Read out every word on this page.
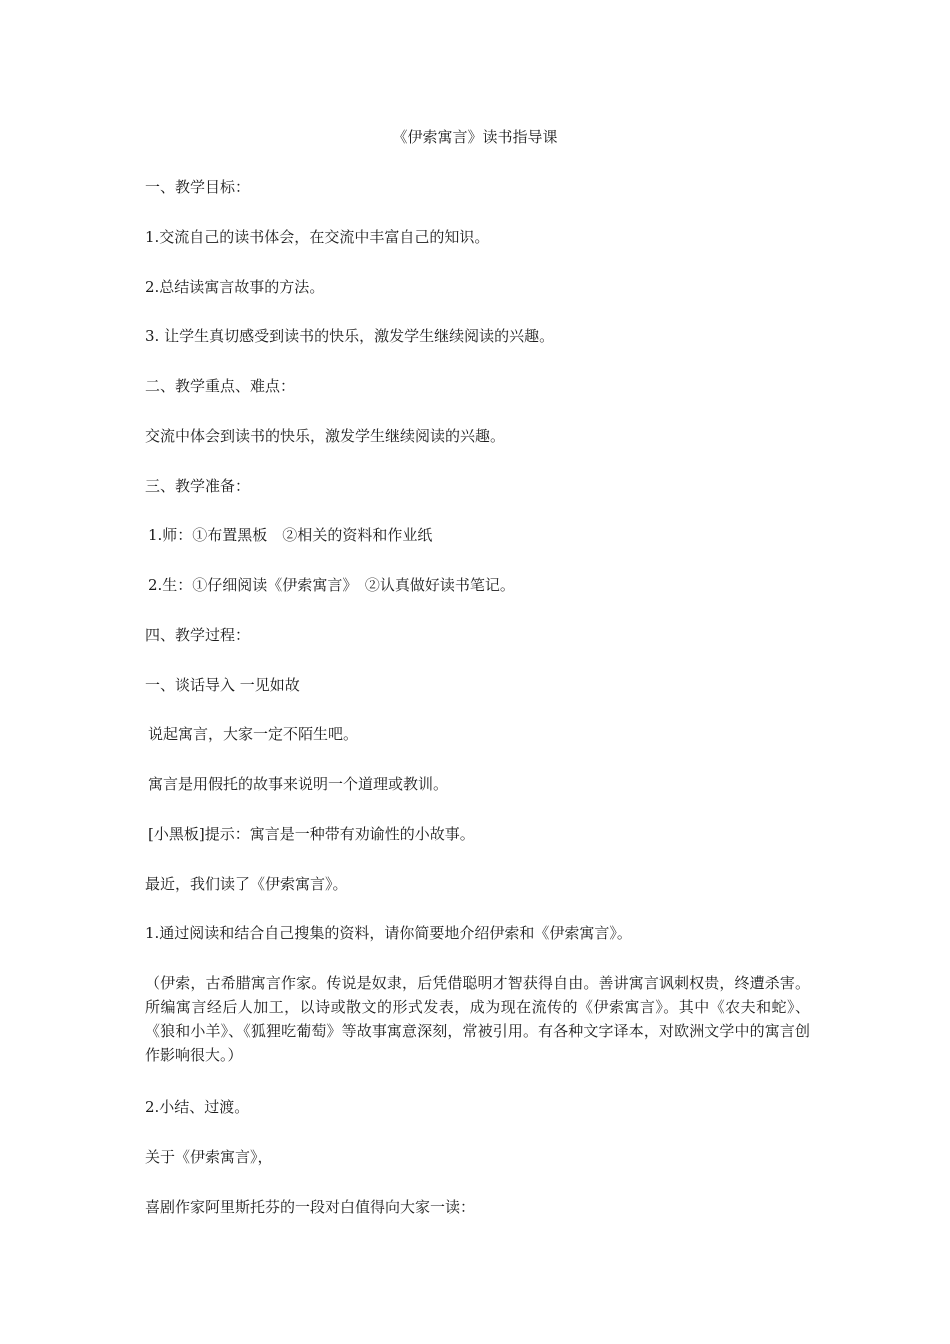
《伊索寓言》读书指导课
一、教学目标：
1.交流自己的读书体会，在交流中丰富自己的知识。
2.总结读寓言故事的方法。
3. 让学生真切感受到读书的快乐，激发学生继续阅读的兴趣。
二、教学重点、难点：
交流中体会到读书的快乐，激发学生继续阅读的兴趣。
三、教学准备：
1.师：①布置黑板　②相关的资料和作业纸
2.生：①仔细阅读《伊索寓言》　②认真做好读书笔记。
四、教学过程：
一、谈话导入 一见如故
说起寓言，大家一定不陌生吧。
寓言是用假托的故事来说明一个道理或教训。
[小黑板]提示：寓言是一种带有劝谕性的小故事。
最近，我们读了《伊索寓言》。
1.通过阅读和结合自己搜集的资料，请你简要地介绍伊索和《伊索寓言》。
（伊索，古希腊寓言作家。传说是奴隶，后凭借聪明才智获得自由。善讲寓言讽刺权贵，终遭杀害。所编寓言经后人加工，以诗或散文的形式发表，成为现在流传的《伊索寓言》。其中《农夫和蛇》、《狼和小羊》、《狐狸吃葡萄》等故事寓意深刻，常被引用。有各种文字译本，对欧洲文学中的寓言创作影响很大。）
2.小结、过渡。
关于《伊索寓言》，
喜剧作家阿里斯托芬的一段对白值得向大家一读：
